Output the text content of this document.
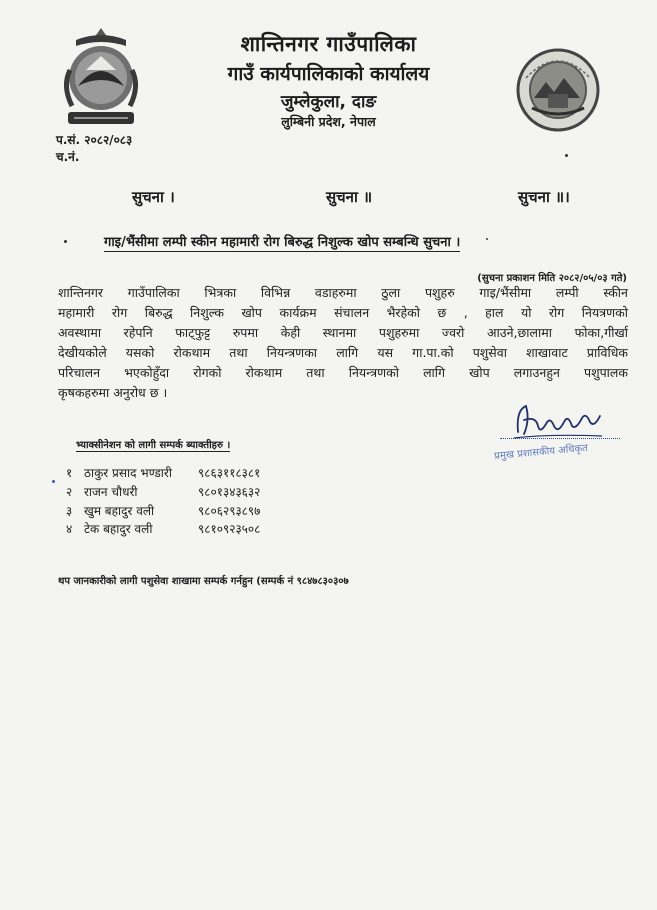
शान्तिनगर गाउँपालिका
गाउँ कार्यपालिकाको कार्यालय
जुम्लेकुला, दाङ
लुम्बिनी प्रदेश, नेपाल
प.सं. २०८२/०८३
च.नं.
सुचना ।	सुचना ॥	सुचना ॥।
गाइ/भैंसीमा लम्पी स्कीन महामारी रोग बिरुद्ध निशुल्क खोप सम्बन्धि सुचना ।
(सुचना प्रकाशन मिति २०८२/०५/०३ गते)
शान्तिनगर गाउँपालिका भित्रका विभिन्न वडाहरुमा ठुला पशुहरु गाइ/भैंसीमा लम्पी स्कीन
महामारी रोग बिरुद्ध निशुल्क खोप कार्यक्रम संचालन भैरहेको छ , हाल यो रोग नियत्रणको
अवस्थामा रहेपनि फाट्फुट्ट रुपमा केही स्थानमा पशुहरुमा ज्वरो आउने,छालामा फोका,गीर्खा
देखीयकोले यसको रोकथाम तथा नियन्त्रणका लागि यस गा.पा.को पशुसेवा शाखावाट प्राविधिक
परिचालन भएकोहुँदा रोगको रोकथाम तथा नियन्त्रणको लागि खोप लगाउनहुन पशुपालक
कृषकहरुमा अनुरोध छ ।
प्रमुख प्रशासकीय अधिकृत
भ्याक्सीनेशन को लागी सम्पर्क ब्याक्तीहरु ।
१ ठाकुर प्रसाद भण्डारी ९८६३११८३८१
२ राजन चौधरी	९८०१३४३६३२
३ खुम बहादुर वली	९८०६२९३८९७
४ टेक बहादुर वली	९८१०९२३५०८
थप जानकारीको लागी पशुसेवा शाखामा सम्पर्क गर्नहुन (सम्पर्क नं ९८४७८३०३०७
